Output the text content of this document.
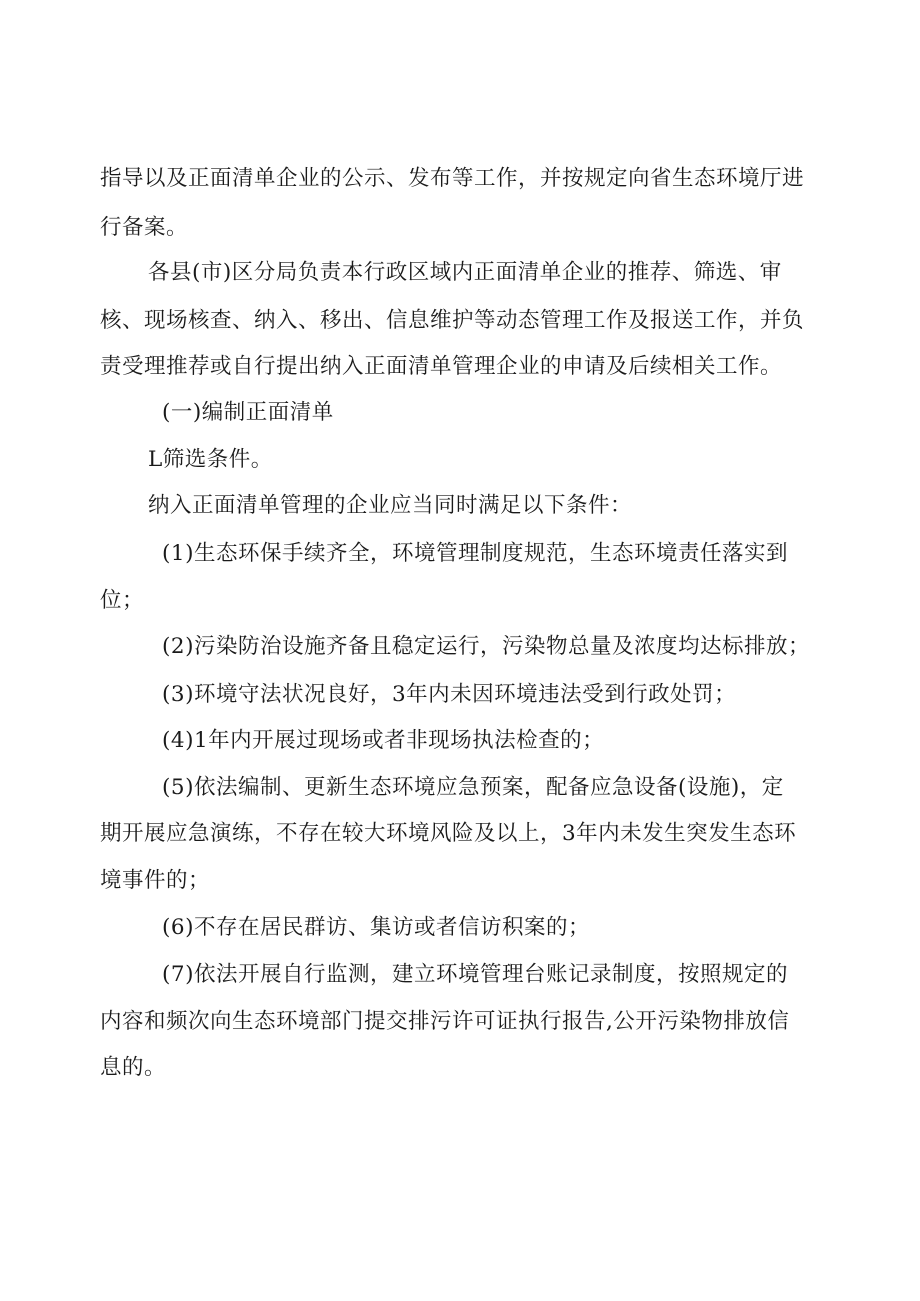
指导以及正面清单企业的公示、发布等工作，并按规定向省生态环境厅进
行备案。
各县(市)区分局负责本行政区域内正面清单企业的推荐、筛选、审
核、现场核查、纳入、移出、信息维护等动态管理工作及报送工作，并负
责受理推荐或自行提出纳入正面清单管理企业的申请及后续相关工作。
(一)编制正面清单
L筛选条件。
纳入正面清单管理的企业应当同时满足以下条件：
(1)生态环保手续齐全，环境管理制度规范，生态环境责任落实到
位；
(2)污染防治设施齐备且稳定运行，污染物总量及浓度均达标排放；
(3)环境守法状况良好，3年内未因环境违法受到行政处罚；
(4)1年内开展过现场或者非现场执法检查的；
(5)依法编制、更新生态环境应急预案，配备应急设备(设施)，定
期开展应急演练，不存在较大环境风险及以上，3年内未发生突发生态环
境事件的；
(6)不存在居民群访、集访或者信访积案的；
(7)依法开展自行监测，建立环境管理台账记录制度，按照规定的
内容和频次向生态环境部门提交排污许可证执行报告,公开污染物排放信
息的。
